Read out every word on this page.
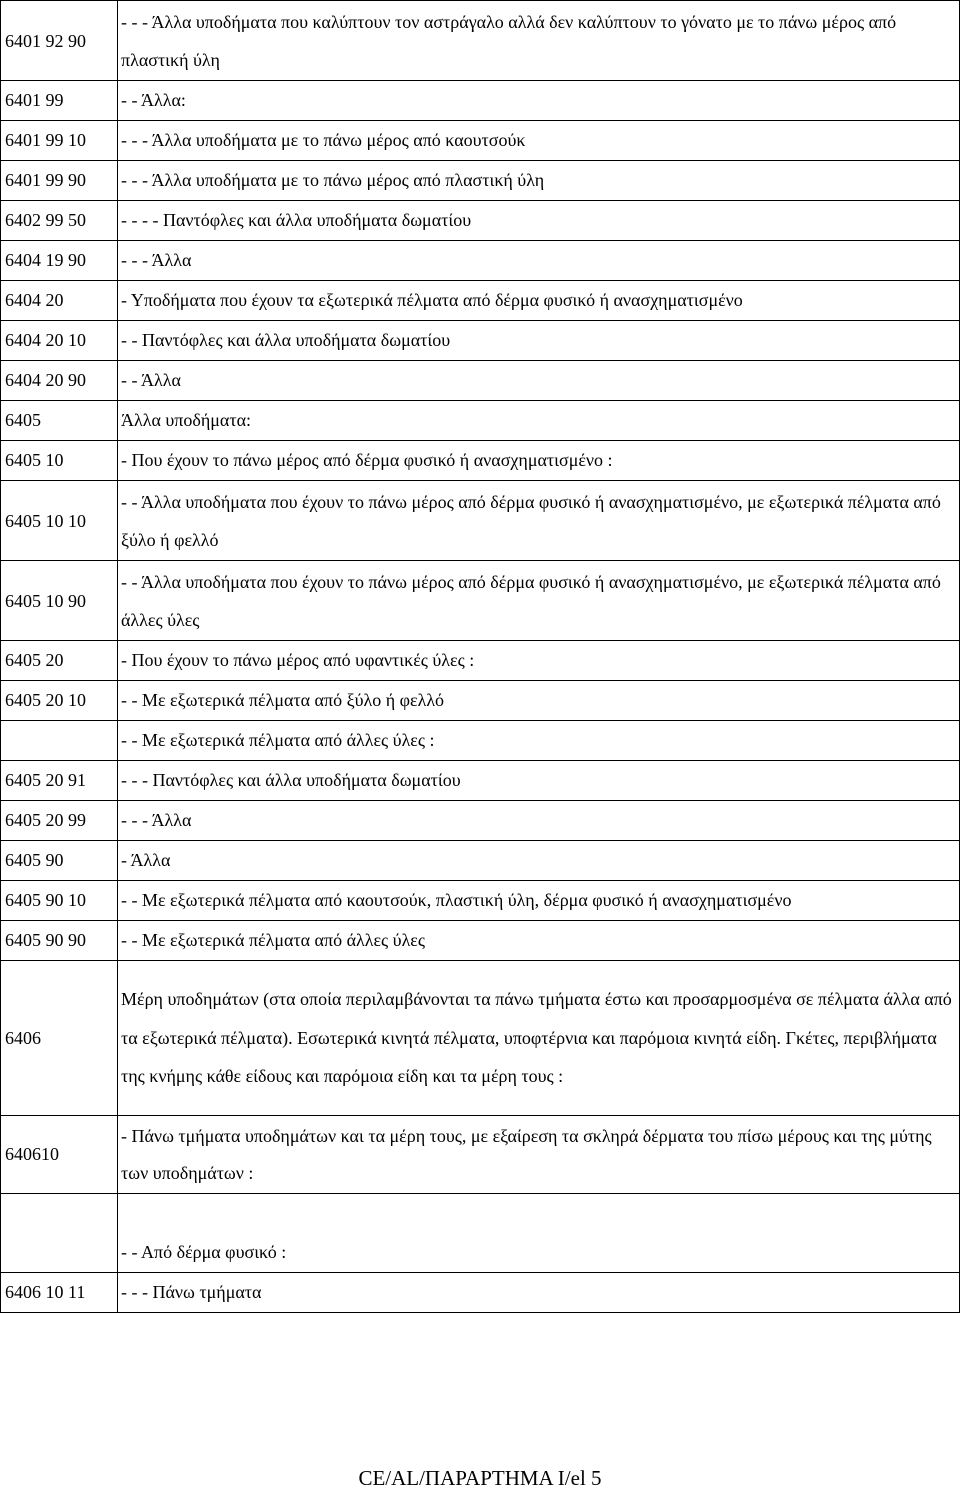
6401 92 90	- - - Άλλα υποδήματα που καλύπτουν τον αστράγαλο αλλά δεν καλύπτουν το γόνατο με το πάνω μέρος από πλαστική ύλη
6401 99	- - Άλλα:
6401 99 10	- - - Άλλα υποδήματα με το πάνω μέρος από καουτσούκ
6401 99 90	- - - Άλλα υποδήματα με το πάνω μέρος από πλαστική ύλη
6402 99 50	- - - - Παντόφλες και άλλα υποδήματα δωματίου
6404 19 90	- - - Άλλα
6404 20	- Υποδήματα που έχουν τα εξωτερικά πέλματα από δέρμα φυσικό ή ανασχηματισμένο
6404 20 10	- - Παντόφλες και άλλα υποδήματα δωματίου
6404 20 90	- - Άλλα
6405	Άλλα υποδήματα:
6405 10	- Που έχουν το πάνω μέρος από δέρμα φυσικό ή ανασχηματισμένο :
6405 10 10	- - Άλλα υποδήματα που έχουν το πάνω μέρος από δέρμα φυσικό ή ανασχηματισμένο, με εξωτερικά πέλματα από ξύλο ή φελλό
6405 10 90	- - Άλλα υποδήματα που έχουν το πάνω μέρος από δέρμα φυσικό ή ανασχηματισμένο, με εξωτερικά πέλματα από άλλες ύλες
6405 20	- Που έχουν το πάνω μέρος από υφαντικές ύλες :
6405 20 10	- - Με εξωτερικά πέλματα από ξύλο ή φελλό
	- - Με εξωτερικά πέλματα από άλλες ύλες :
6405 20 91	- - - Παντόφλες και άλλα υποδήματα δωματίου
6405 20 99	- - - Άλλα
6405 90	- Άλλα
6405 90 10	- - Με εξωτερικά πέλματα από καουτσούκ, πλαστική ύλη, δέρμα φυσικό ή ανασχηματισμένο
6405 90 90	- - Με εξωτερικά πέλματα από άλλες ύλες
6406	Μέρη υποδημάτων (στα οποία περιλαμβάνονται τα πάνω τμήματα έστω και προσαρμοσμένα σε πέλματα άλλα από τα εξωτερικά πέλματα). Εσωτερικά κινητά πέλματα, υποφτέρνια και παρόμοια κινητά είδη. Γκέτες, περιβλήματα της κνήμης κάθε είδους και παρόμοια είδη και τα μέρη τους :
640610	- Πάνω τμήματα υποδημάτων και τα μέρη τους, με εξαίρεση τα σκληρά δέρματα του πίσω μέρους και της μύτης των υποδημάτων :
	- - Από δέρμα φυσικό :
6406 10 11	- - - Πάνω τμήματα
CE/AL/ΠΑΡΑΡΤΗΜΑ I/el 5
